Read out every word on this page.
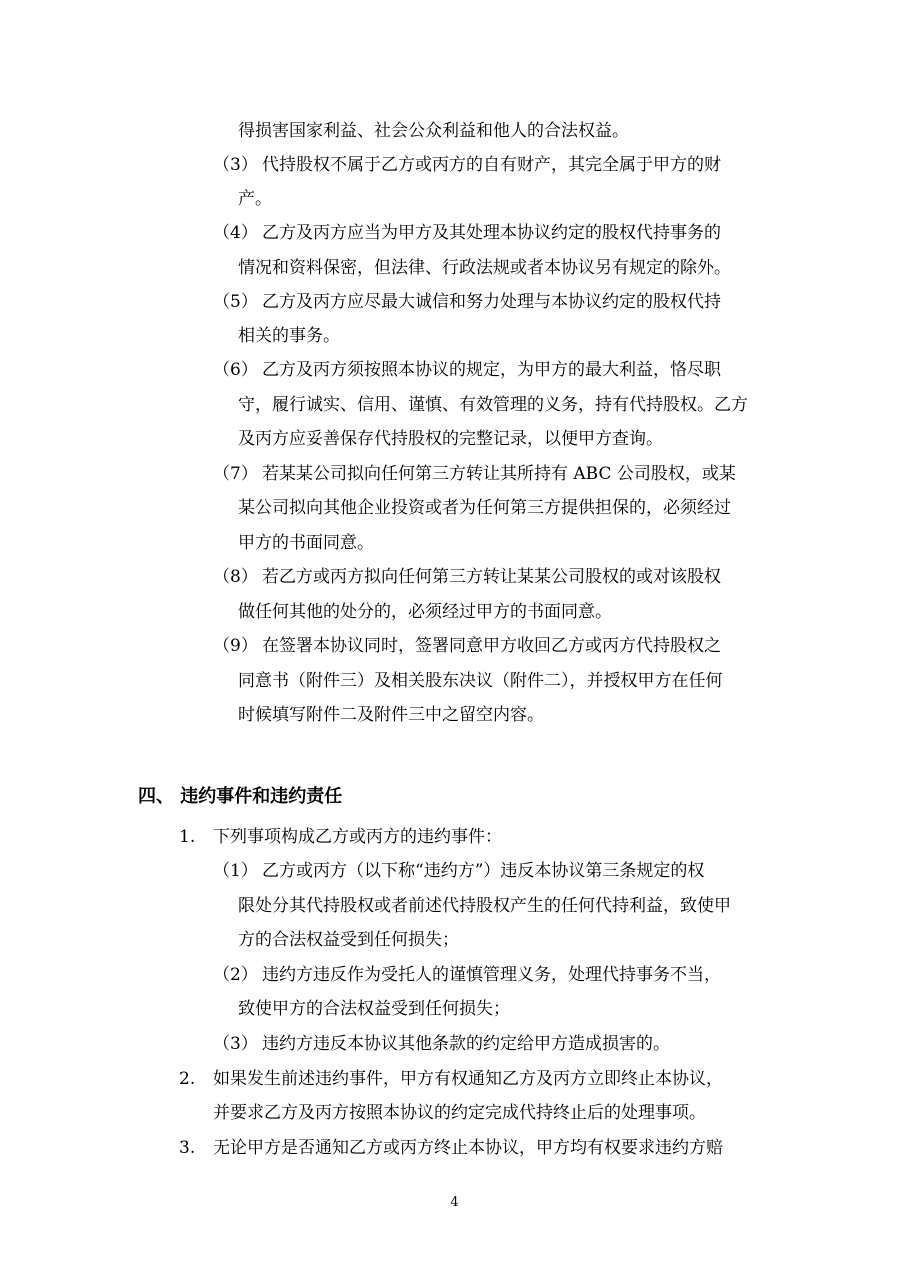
得损害国家利益、社会公众利益和他人的合法权益。
（3） 代持股权不属于乙方或丙方的自有财产，其完全属于甲方的财
产。
（4） 乙方及丙方应当为甲方及其处理本协议约定的股权代持事务的
情况和资料保密，但法律、行政法规或者本协议另有规定的除外。
（5） 乙方及丙方应尽最大诚信和努力处理与本协议约定的股权代持
相关的事务。
（6） 乙方及丙方须按照本协议的规定，为甲方的最大利益，恪尽职
守，履行诚实、信用、谨慎、有效管理的义务，持有代持股权。乙方
及丙方应妥善保存代持股权的完整记录，以便甲方查询。
（7） 若某某公司拟向任何第三方转让其所持有 ABC 公司股权，或某
某公司拟向其他企业投资或者为任何第三方提供担保的，必须经过
甲方的书面同意。
（8） 若乙方或丙方拟向任何第三方转让某某公司股权的或对该股权
做任何其他的处分的，必须经过甲方的书面同意。
（9） 在签署本协议同时，签署同意甲方收回乙方或丙方代持股权之
同意书（附件三）及相关股东决议（附件二），并授权甲方在任何
时候填写附件二及附件三中之留空内容。
四、 违约事件和违约责任
1. 下列事项构成乙方或丙方的违约事件：
（1） 乙方或丙方（以下称“违约方”）违反本协议第三条规定的权
限处分其代持股权或者前述代持股权产生的任何代持利益，致使甲
方的合法权益受到任何损失；
（2） 违约方违反作为受托人的谨慎管理义务，处理代持事务不当，
致使甲方的合法权益受到任何损失；
（3） 违约方违反本协议其他条款的约定给甲方造成损害的。
2. 如果发生前述违约事件，甲方有权通知乙方及丙方立即终止本协议，
并要求乙方及丙方按照本协议的约定完成代持终止后的处理事项。
3. 无论甲方是否通知乙方或丙方终止本协议，甲方均有权要求违约方赔
4
